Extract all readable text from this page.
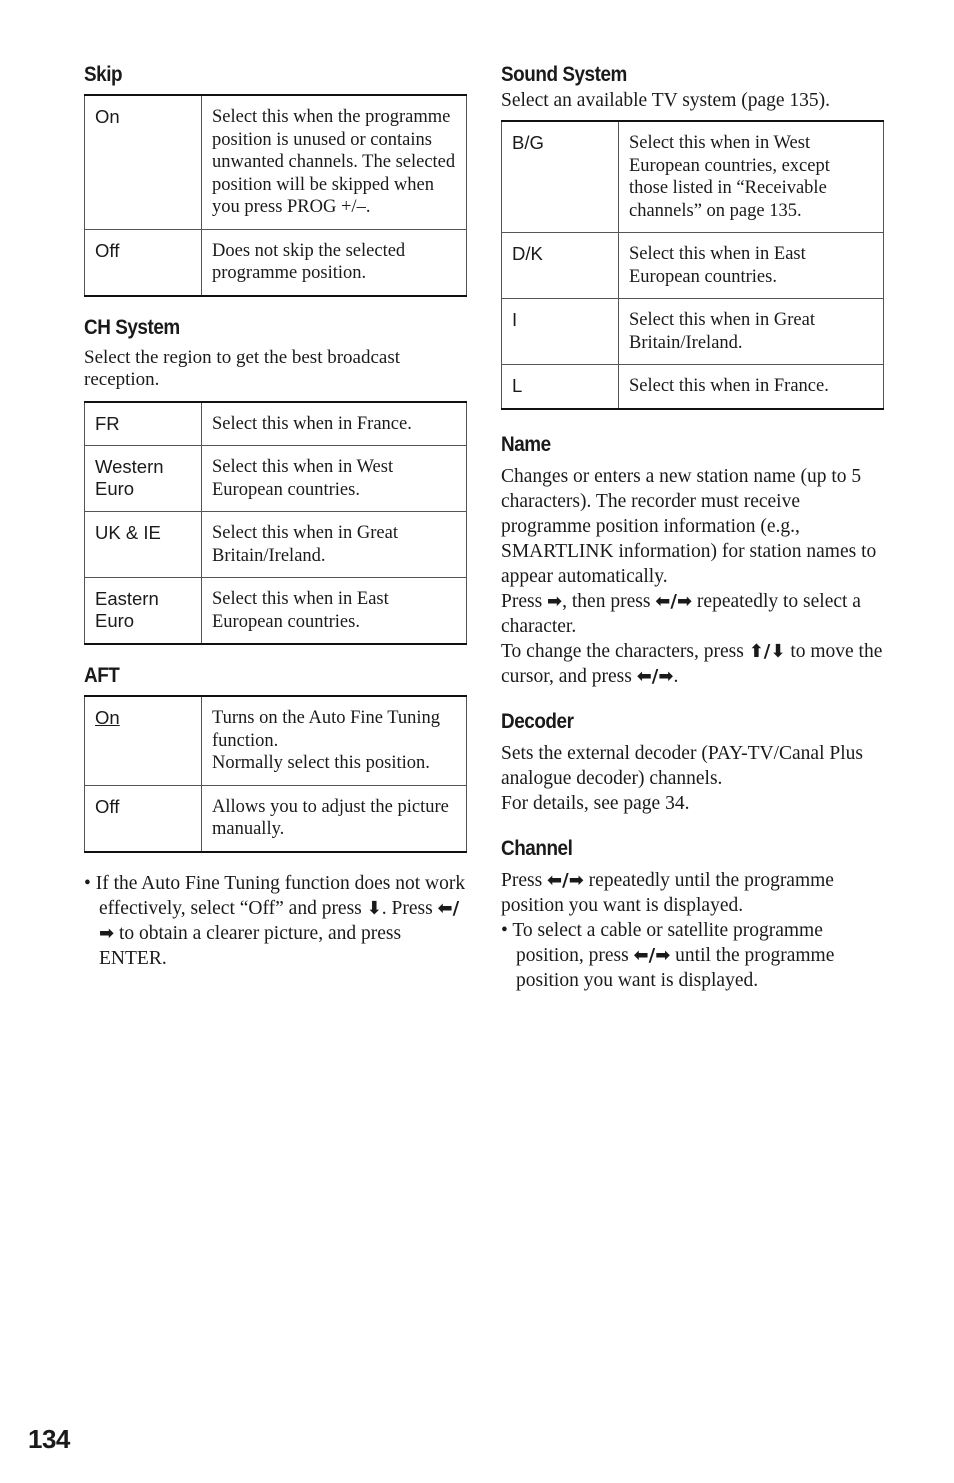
Skip
On	Select this when the programme position is unused or contains unwanted channels. The selected position will be skipped when you press PROG +/–.
Off	Does not skip the selected programme position.
CH System

Select the region to get the best broadcast reception.

FR	Select this when in France.
Western Euro	Select this when in West European countries.
UK & IE	Select this when in Great Britain/Ireland.
Eastern Euro	Select this when in East European countries.
AFT
On	Turns on the Auto Fine Tuning function.
Normally select this position.

Off	Allows you to adjust the picture manually.

• If the Auto Fine Tuning function does not work effectively, select “Off” and press ⬇. Press ⬅/➡ to obtain a clearer picture, and press ENTER.

Sound System

Select an available TV system (page 135).

B/G	Select this when in West European countries, except those listed in “Receivable channels” on page 135.
D/K	Select this when in East European countries.
I	Select this when in Great Britain/Ireland.
L	Select this when in France.
Name

Changes or enters a new station name (up to 5 characters). The recorder must receive programme position information (e.g., SMARTLINK information) for station names to appear automatically.

Press ➡, then press ⬅/➡ repeatedly to select a character.

To change the characters, press ⬆/⬇ to move the cursor, and press ⬅/➡.

Decoder

Sets the external decoder (PAY-TV/Canal Plus analogue decoder) channels.

For details, see page 34.

Channel

Press ⬅/➡ repeatedly until the programme position you want is displayed.

• To select a cable or satellite programme position, press ⬅/➡ until the programme position you want is displayed.

134
